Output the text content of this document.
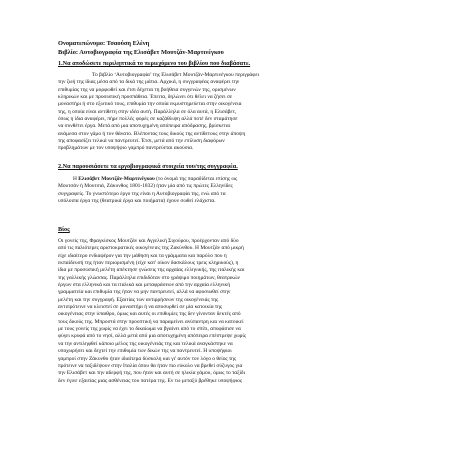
Ονοματεπώνυμο: Τσαούση Ελένη
Βιβλίο: Αυτοβιογραφία της Ελισάβετ Μουτζάν-Μαρτινέγκου
1.Να αποδώσετε περιληπτικά το περιεχόμενο του βιβλίου που διαβάσατε.
Το βιβλίο ‘Αυτοβιογραφία’ της Ελισάβετ Μουτζάν-Μαρτινέγκου περιγράφει
την ζωή της ίδιας μέσα από τα δικά της μάτια. Αρχικά, η συγγραφέας αναφέρει την
επιθυμίας της να μορφωθεί και έτσι δέχεται τη βοήθεια συγγενών της, ορισμένων
κληρικών και με προσωπική προσπάθεια. Έπειτα, δηλώνει ότι θέλει να ζήσει σε
μοναστήρι ή στο εξωτικό τους, επιθυμία την οποία εκμυστηρεύεται στην οικογένεια
της, η οποία είναι αντίθετη στην ιδέα αυτή. Παράλληλα σε όλα αυτά, η Ελισάβετ,
όπως η ίδια αναφέρει, πήρε πολλές φορές σε καζάθλιψη αλλά ποτέ δεν σταμάτησε
να συνθέτει έργα. Μετά από μια αποτυχημένη απόπειρα απόδρασης, βρίσκεται
ανάμεσα στον γάμο ή τον θάνατο. Βλέποντας τους δικούς της αντίθετους στην άποψη
της αποφασίζει τελικά να παντρευτεί. Έτσι, μετά από την επίλυση διαφόρων
προβλημάτων με τον υποψήφιο γαμπρό παντρεύεται ακούσια.
2.Να παρουσιάσετε τα εργοβιογραφικά στοιχεία του/της συγγραφέα.
Η Ελισάβετ Μουτζάν-Μαρτινέγκου (το όνομά της παραδίδεται επίσης ως
Μουτσάν ή Μουτσιά, Ζάκυνθος 1801-1832) ήταν μία από τις πρώτες Ελληνίδες
συγγραφείς. Το γνωστότερο έργο της είναι η Αυτοβιογραφία της, ενώ από τα
υπόλοιπα έργα της (θεατρικά έργα και ποιήματα) έχουν σωθεί ελάχιστα.
Βίος
Οι γονείς της, Φραγκίσκος Μουτζάν και Αγγελική Σιγούρου, προέρχονταν από δύο
από τις παλιότερες αριστοκρατικές οικογένειες της Ζακύνθου. Η Μουτζάν από μικρή
είχε ιδιαίτερο ενδιαφέρον για την μάθηση και τα γράμματα και παρόλο που η
εκπαίδευσή της ήταν περιορισμένη (είχε κατ' οίκον δασκάλους τρεις κληρικούς), η
ίδια με προσωπική μελέτη απέκτησε γνώσεις της αρχαίας ελληνικής, της ιταλικής και
της γαλλικής γλώσσας. Παράλληλα επιδιδόταν στο γράψιμο ποιημάτων, θεατρικών
έργων στα ελληνικά και τα ιταλικά και μεταφράσεων από την αρχαία ελληνική
γραμματεία και επιθυμία της ήταν να μην παντρευτεί, αλλά να αφοσιωθεί στην
μελέτη και την συγγραφή. Εξαιτίας των αντιρρήσεων της οικογένειάς της
αντιπρότεινε να κλειστεί σε μοναστήρι ή να αποσυρθεί σε μία κατοικία της
οικογένειας στην ύπαιθρο, όμως και αυτές οι επιθυμίες της δεν γίνονταν δεκτές από
τους δικούς της. Μπροστά στην προοπτική να παραμείνει ανύπαντρη και να κατοικεί
με τους γονείς της χωρίς να έχει το δικαίωμα να βγαίνει από το σπίτι, αποφάσισε να
φύγει κρυφά από το νησί, αλλά μετά από μια αποτυχημένη απόπειρα επέστρεψε χωρίς
να την αντιληφθεί κάποιο μέλος της οικογένειάς της και τελικά αναγκάστηκε να
υποχωρήσει και δεχτεί την επιθυμία των δικών της να παντρευτεί. Η υποψήφιοι
γαμπροί στην Ζάκυνθο ήταν ιδιαίτερα δύσκολη και γι' αυτόν τον λόγο ο θείος της
πρότεινε να ταξιδέψουν στην Ιταλία όπου θα ήταν πιο εύκολο να βρεθεί σύζυγος για
την Ελισάβετ και την αδερφή της, που ήταν και αυτή σε ηλικία γάμου, όμως το ταξίδι
δεν έγινε εξαιτίας μιας ασθένειας του πατέρα της. Εν τω μεταξύ βρέθηκε υποψήφιος
